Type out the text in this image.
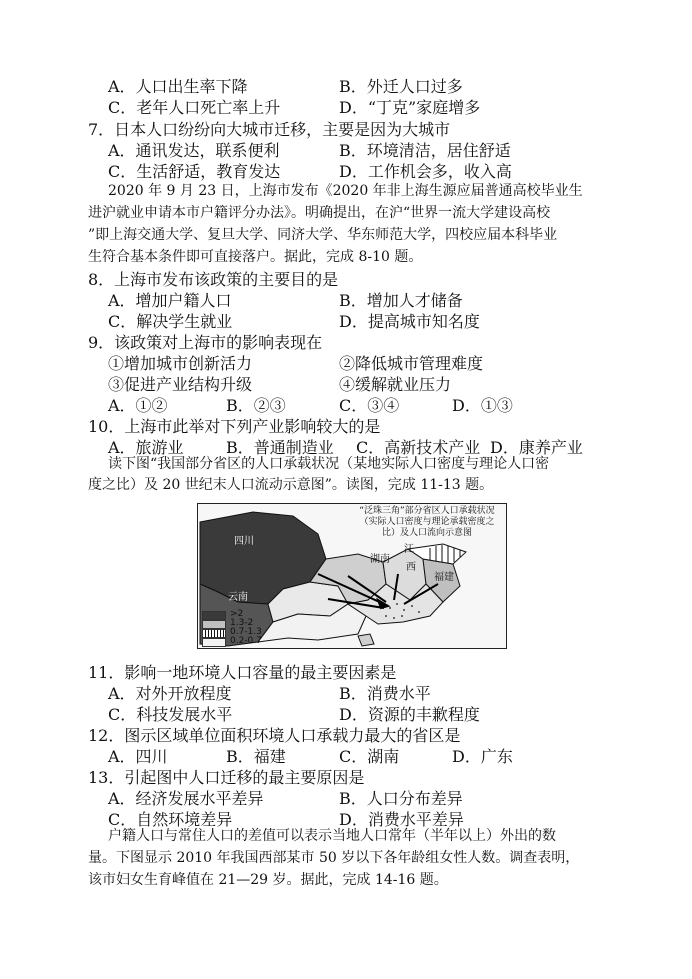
A．人口出生率下降	B．外迁人口过多
C．老年人口死亡率上升	D．“丁克”家庭增多
7．日本人口纷纷向大城市迁移，主要是因为大城市
A．通讯发达，联系便利	B．环境清洁，居住舒适
C．生活舒适，教育发达	D．工作机会多，收入高
2020 年 9 月 23 日，上海市发布《2020 年非上海生源应届普通高校毕业生
进沪就业申请本市户籍评分办法》。明确提出，在沪“世界一流大学建设高校
”即上海交通大学、复旦大学、同济大学、华东师范大学，四校应届本科毕业
生符合基本条件即可直接落户。据此，完成 8-10 题。
8．上海市发布该政策的主要目的是
A．增加户籍人口	B．增加人才储备
C．解决学生就业	D．提高城市知名度
9．该政策对上海市的影响表现在
①增加城市创新活力	②降低城市管理难度
③促进产业结构升级	④缓解就业压力
A．①②	B．②③	C．③④	D．①③
10．上海市此举对下列产业影响较大的是
A．旅游业	B．普通制造业 C．高新技术产业 D．康养产业
读下图“我国部分省区的人口承载状况（某地实际人口密度与理论人口密
度之比）及 20 世纪末人口流动示意图”。读图，完成 11-13 题。
“泛珠三角”部分省区人口承载状况
（实际人口密度与理论承载密度之
比）及人口流向示意图
四川
云南
湖南
江
西
福建
>2
1.3-2
0.7-1.3
0.2-0.7
11．影响一地环境人口容量的最主要因素是
A．对外开放程度	B．消费水平
C．科技发展水平	D．资源的丰歉程度
12．图示区域单位面积环境人口承载力最大的省区是
A．四川	B．福建	C．湖南	D．广东
13．引起图中人口迁移的最主要原因是
A．经济发展水平差异	B．人口分布差异
C．自然环境差异	D．消费水平差异
户籍人口与常住人口的差值可以表示当地人口常年（半年以上）外出的数
量。下图显示 2010 年我国西部某市 50 岁以下各年龄组女性人数。调查表明，
该市妇女生育峰值在 21—29 岁。据此，完成 14-16 题。
